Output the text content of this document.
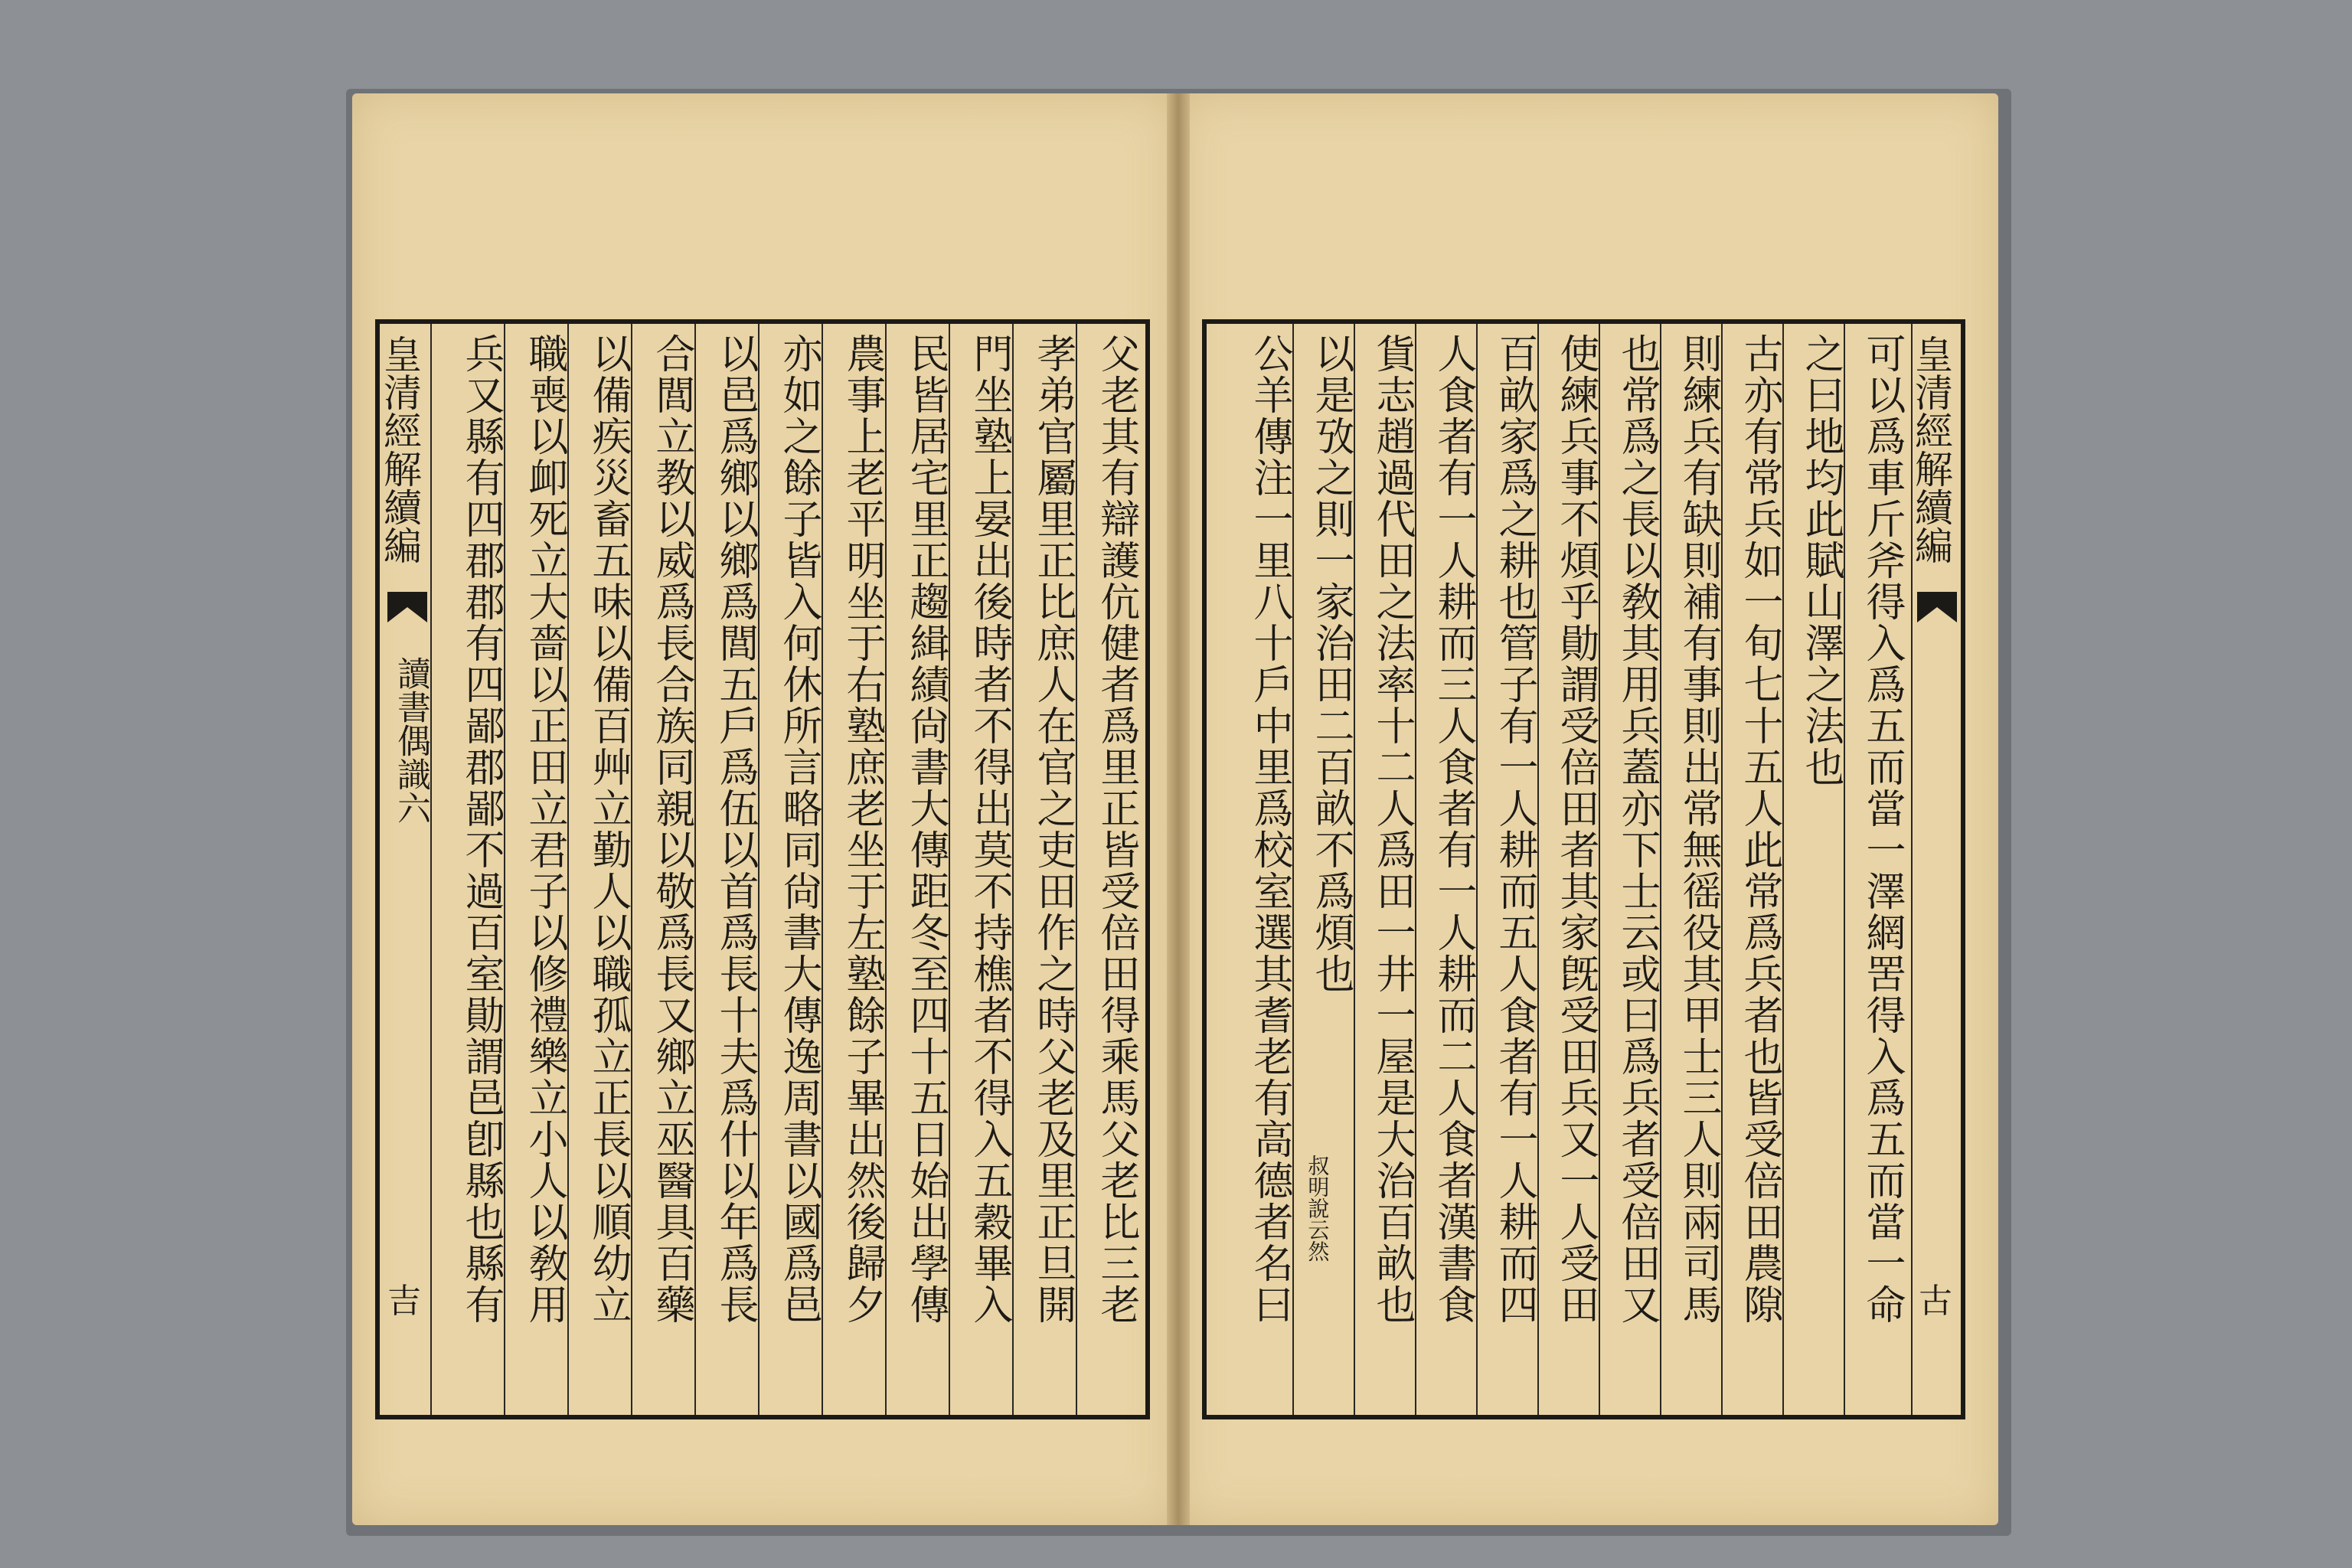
父老其有辯護伉健者爲里正皆受倍田得乘馬父老比三老
孝弟官屬里正比庶人在官之吏田作之時父老及里正旦開
門坐塾上晏出後時者不得出莫不持樵者不得入五穀畢入
民皆居宅里正趨緝績尙書大傳距冬至四十五日始出學傳
農事上老平明坐于右塾庶老坐于左塾餘子畢出然後歸夕
亦如之餘子皆入何休所言略同尙書大傳逸周書以國爲邑
以邑爲鄉以鄉爲閭五戶爲伍以首爲長十夫爲什以年爲長
合閭立教以威爲長合族同親以敬爲長又鄉立巫醫具百藥
以備疾災畜五味以備百艸立勤人以職孤立正長以順幼立
職喪以卹死立大嗇以正田立君子以修禮樂立小人以敎用
兵又縣有四郡郡有四鄙郡鄙不過百室勛謂邑卽縣也縣有
皇清經解續編
讀書偶識六
吉	可以爲車斤斧得入爲五而當一澤網罟得入爲五而當一命
之曰地均此賦山澤之法也
古亦有常兵如一旬七十五人此常爲兵者也皆受倍田農隙
則練兵有缺則補有事則出常無徭役其甲士三人則兩司馬
也常爲之長以敎其用兵蓋亦下士云或曰爲兵者受倍田又
使練兵事不煩乎勛謂受倍田者其家旣受田兵又一人受田
百畝家爲之耕也管子有一人耕而五人食者有一人耕而四
人食者有一人耕而三人食者有一人耕而二人食者漢書食
貨志趙過代田之法率十二人爲田一井一屋是大治百畝也
以是攷之則一家治田二百畝不爲煩也
公羊傳注一里八十戶中里爲校室選其耆老有高德者名曰	皇清經解續編
古
叔明說云然
